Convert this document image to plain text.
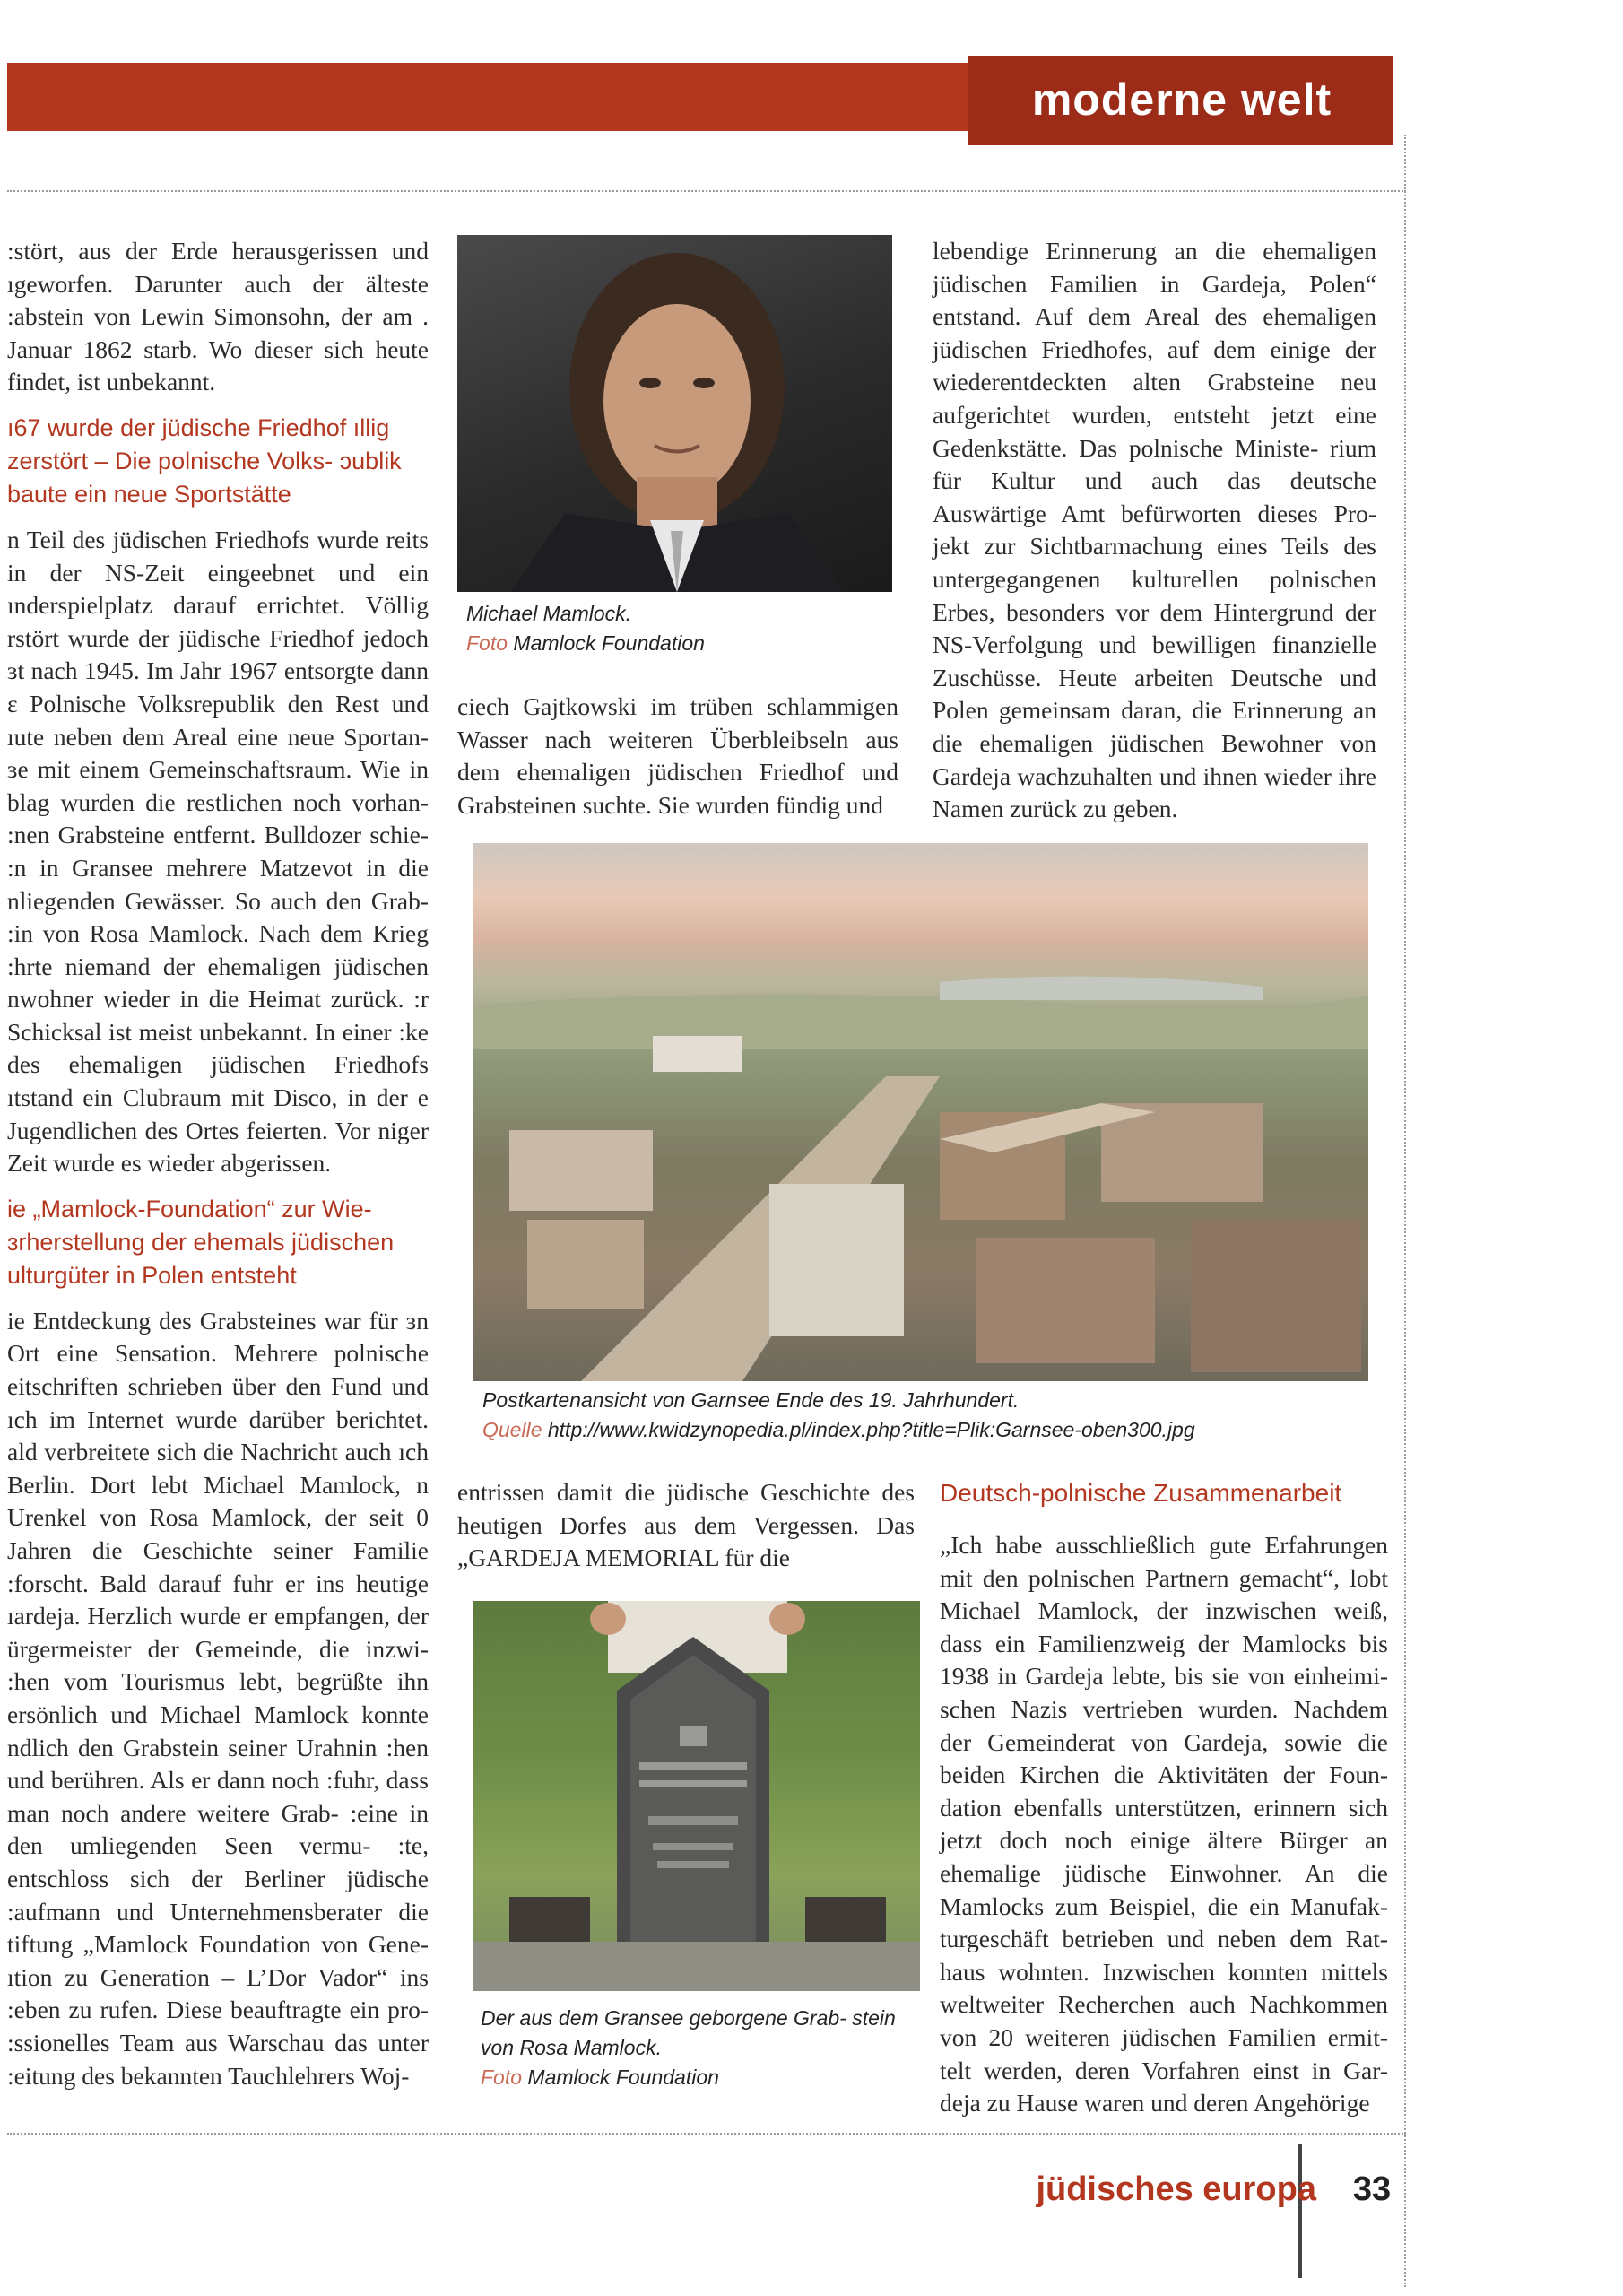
moderne welt

:stört, aus der Erde herausgerissen und ıgeworfen. Darunter auch der älteste :abstein von Lewin Simonsohn, der am . Januar 1862 starb. Wo dieser sich heute findet, ist unbekannt.

ı67 wurde der jüdische Friedhof ıllig zerstört – Die polnische Volks- ɔublik baute ein neue Sportstätte

n Teil des jüdischen Friedhofs wurde reits in der NS-Zeit eingeebnet und ein ınderspielplatz darauf errichtet. Völlig rstört wurde der jüdische Friedhof jedoch ɜt nach 1945. Im Jahr 1967 entsorgte dann ɛ Polnische Volksrepublik den Rest und ıute neben dem Areal eine neue Sportan- ɜe mit einem Gemeinschaftsraum. Wie in blag wurden die restlichen noch vorhan- :nen Grabsteine entfernt. Bulldozer schie- :n in Gransee mehrere Matzevot in die nliegenden Gewässer. So auch den Grab- :in von Rosa Mamlock. Nach dem Krieg :hrte niemand der ehemaligen jüdischen nwohner wieder in die Heimat zurück. :r Schicksal ist meist unbekannt. In einer :ke des ehemaligen jüdischen Friedhofs ıtstand ein Clubraum mit Disco, in der e Jugendlichen des Ortes feierten. Vor niger Zeit wurde es wieder abgerissen.

ie „Mamlock-Foundation“ zur Wie- ɜrherstellung der ehemals jüdischen ulturgüter in Polen entsteht

ie Entdeckung des Grabsteines war für ɜn Ort eine Sensation. Mehrere polnische eitschriften schrieben über den Fund und ıch im Internet wurde darüber berichtet. ald verbreitete sich die Nachricht auch ıch Berlin. Dort lebt Michael Mamlock, n Urenkel von Rosa Mamlock, der seit 0 Jahren die Geschichte seiner Familie :forscht. Bald darauf fuhr er ins heutige ıardeja. Herzlich wurde er empfangen, der ürgermeister der Gemeinde, die inzwi- :hen vom Tourismus lebt, begrüßte ihn ersönlich und Michael Mamlock konnte ndlich den Grabstein seiner Urahnin :hen und berühren. Als er dann noch :fuhr, dass man noch andere weitere Grab- :eine in den umliegenden Seen vermu- :te, entschloss sich der Berliner jüdische :aufmann und Unternehmensberater die tiftung „Mamlock Foundation von Gene- ıtion zu Generation – L’Dor Vador“ ins :eben zu rufen. Diese beauftragte ein pro- :ssionelles Team aus Warschau das unter :eitung des bekannten Tauchlehrers Woj-

Michael Mamlock.
Foto Mamlock Foundation

ciech Gajtkowski im trüben schlammigen Wasser nach weiteren Überbleibseln aus dem ehemaligen jüdischen Friedhof und Grabsteinen suchte. Sie wurden fündig und

lebendige Erinnerung an die ehemaligen jüdischen Familien in Gardeja, Polen“ entstand. Auf dem Areal des ehemaligen jüdischen Friedhofes, auf dem einige der wiederentdeckten alten Grabsteine neu aufgerichtet wurden, entsteht jetzt eine Gedenkstätte. Das polnische Ministe- rium für Kultur und auch das deutsche Auswärtige Amt befürworten dieses Pro- jekt zur Sichtbarmachung eines Teils des untergegangenen kulturellen polnischen Erbes, besonders vor dem Hintergrund der NS-Verfolgung und bewilligen finanzielle Zuschüsse. Heute arbeiten Deutsche und Polen gemeinsam daran, die Erinnerung an die ehemaligen jüdischen Bewohner von Gardeja wachzuhalten und ihnen wieder ihre Namen zurück zu geben.

Postkartenansicht von Garnsee Ende des 19. Jahrhundert.
Quelle http://www.kwidzynopedia.pl/index.php?title=Plik:Garnsee-oben300.jpg

entrissen damit die jüdische Geschichte des heutigen Dorfes aus dem Vergessen. Das „GARDEJA MEMORIAL für die

Der aus dem Gransee geborgene Grab- stein von Rosa Mamlock.
Foto Mamlock Foundation
Deutsch-polnische Zusammenarbeit

„Ich habe ausschließlich gute Erfahrungen mit den polnischen Partnern gemacht“, lobt Michael Mamlock, der inzwischen weiß, dass ein Familienzweig der Mamlocks bis 1938 in Gardeja lebte, bis sie von einheimi- schen Nazis vertrieben wurden. Nachdem der Gemeinderat von Gardeja, sowie die beiden Kirchen die Aktivitäten der Foun- dation ebenfalls unterstützen, erinnern sich jetzt doch noch einige ältere Bürger an ehemalige jüdische Einwohner. An die Mamlocks zum Beispiel, die ein Manufak- turgeschäft betrieben und neben dem Rat- haus wohnten. Inzwischen konnten mittels weltweiter Recherchen auch Nachkommen von 20 weiteren jüdischen Familien ermit- telt werden, deren Vorfahren einst in Gar- deja zu Hause waren und deren Angehörige

jüdisches europa	33
